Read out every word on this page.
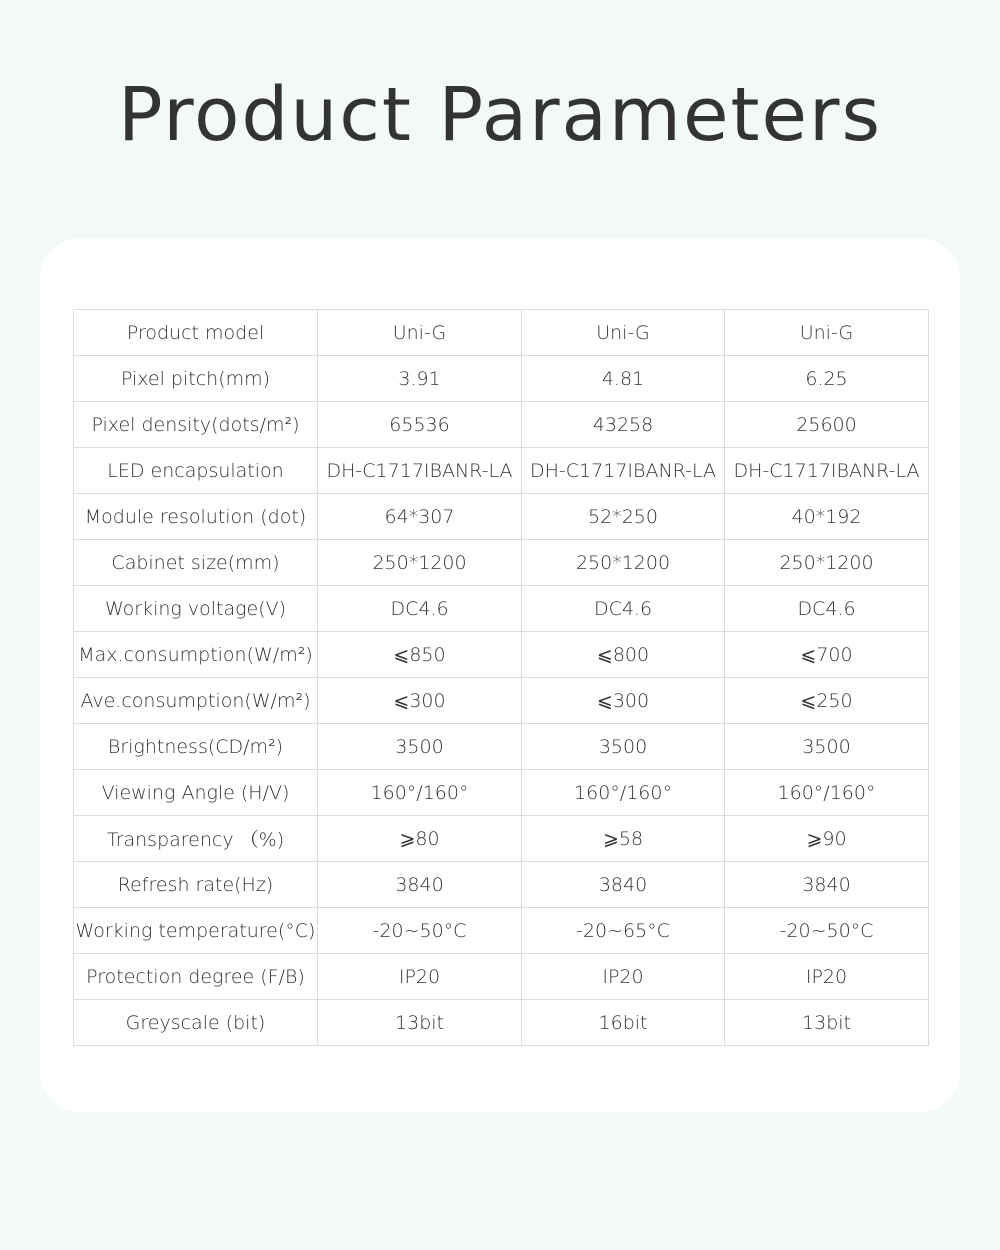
Product Parameters
Product model	Uni-G	Uni-G	Uni-G
Pixel pitch(mm)	3.91	4.81	6.25
Pixel density(dots/m²)	65536	43258	25600
LED encapsulation	DH-C1717IBANR-LA	DH-C1717IBANR-LA	DH-C1717IBANR-LA
Module resolution (dot)	64*307	52*250	40*192
Cabinet size(mm)	250*1200	250*1200	250*1200
Working voltage(V)	DC4.6	DC4.6	DC4.6
Max.consumption(W/m²)	⩽850	⩽800	⩽700
Ave.consumption(W/m²)	⩽300	⩽300	⩽250
Brightness(CD/m²)	3500	3500	3500
Viewing Angle (H/V)	160°/160°	160°/160°	160°/160°
Transparency （%)	⩾80	⩾58	⩾90
Refresh rate(Hz)	3840	3840	3840
Working temperature(°C)	-20~50°C	-20~65°C	-20~50°C
Protection degree (F/B)	IP20	IP20	IP20
Greyscale (bit)	13bit	16bit	13bit
